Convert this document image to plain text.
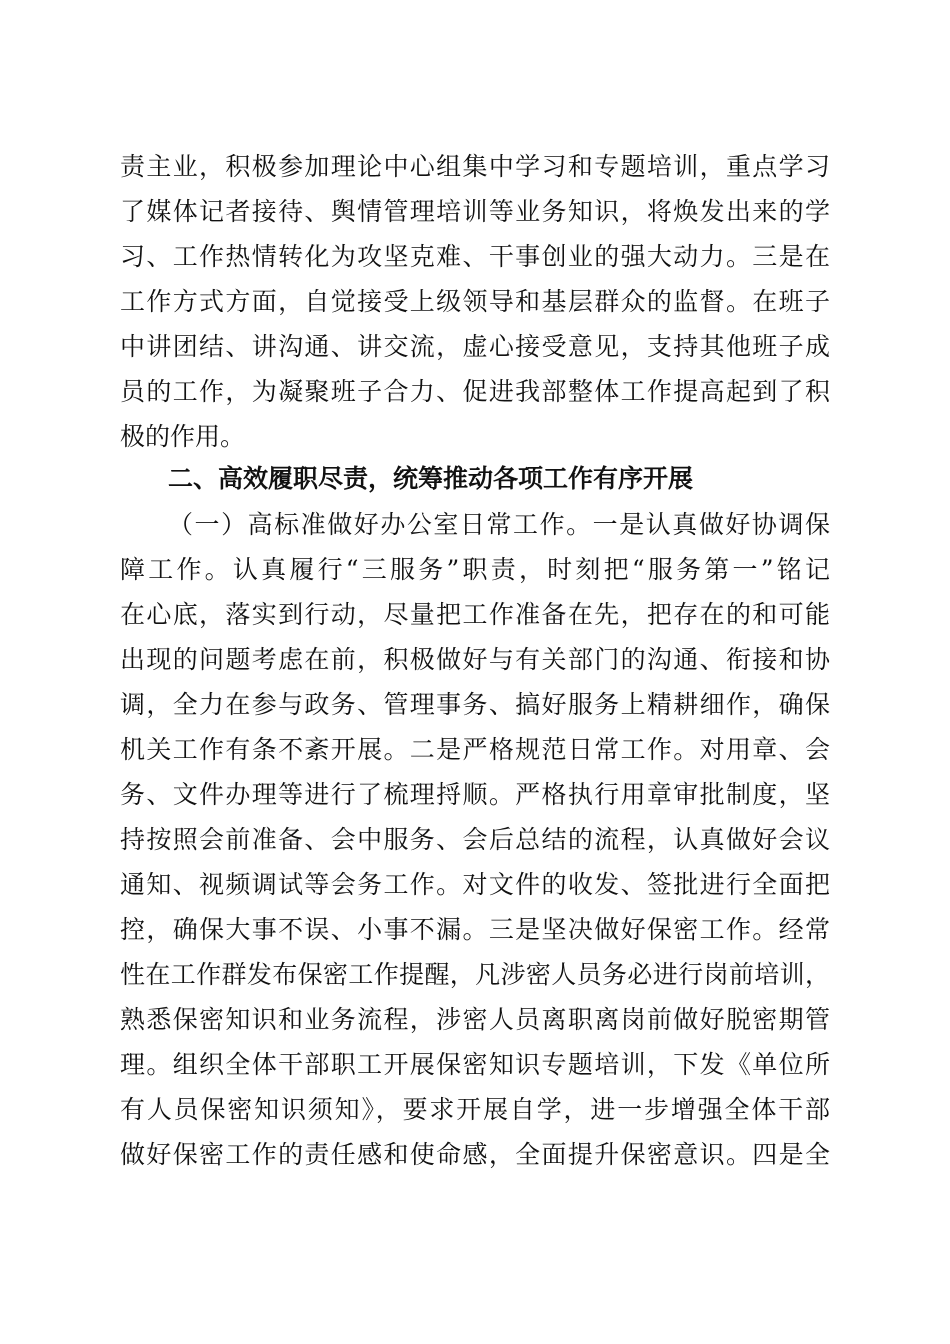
责主业，积极参加理论中心组集中学习和专题培训，重点学习
了媒体记者接待、舆情管理培训等业务知识，将焕发出来的学
习、工作热情转化为攻坚克难、干事创业的强大动力。三是在
工作方式方面，自觉接受上级领导和基层群众的监督。在班子
中讲团结、讲沟通、讲交流，虚心接受意见，支持其他班子成
员的工作，为凝聚班子合力、促进我部整体工作提高起到了积
极的作用。
二、高效履职尽责，统筹推动各项工作有序开展
（一）高标准做好办公室日常工作。一是认真做好协调保
障工作。认真履行“三服务”职责，时刻把“服务第一”铭记
在心底，落实到行动，尽量把工作准备在先，把存在的和可能
出现的问题考虑在前，积极做好与有关部门的沟通、衔接和协
调，全力在参与政务、管理事务、搞好服务上精耕细作，确保
机关工作有条不紊开展。二是严格规范日常工作。对用章、会
务、文件办理等进行了梳理捋顺。严格执行用章审批制度，坚
持按照会前准备、会中服务、会后总结的流程，认真做好会议
通知、视频调试等会务工作。对文件的收发、签批进行全面把
控，确保大事不误、小事不漏。三是坚决做好保密工作。经常
性在工作群发布保密工作提醒，凡涉密人员务必进行岗前培训，
熟悉保密知识和业务流程，涉密人员离职离岗前做好脱密期管
理。组织全体干部职工开展保密知识专题培训，下发《单位所
有人员保密知识须知》，要求开展自学，进一步增强全体干部
做好保密工作的责任感和使命感，全面提升保密意识。四是全
